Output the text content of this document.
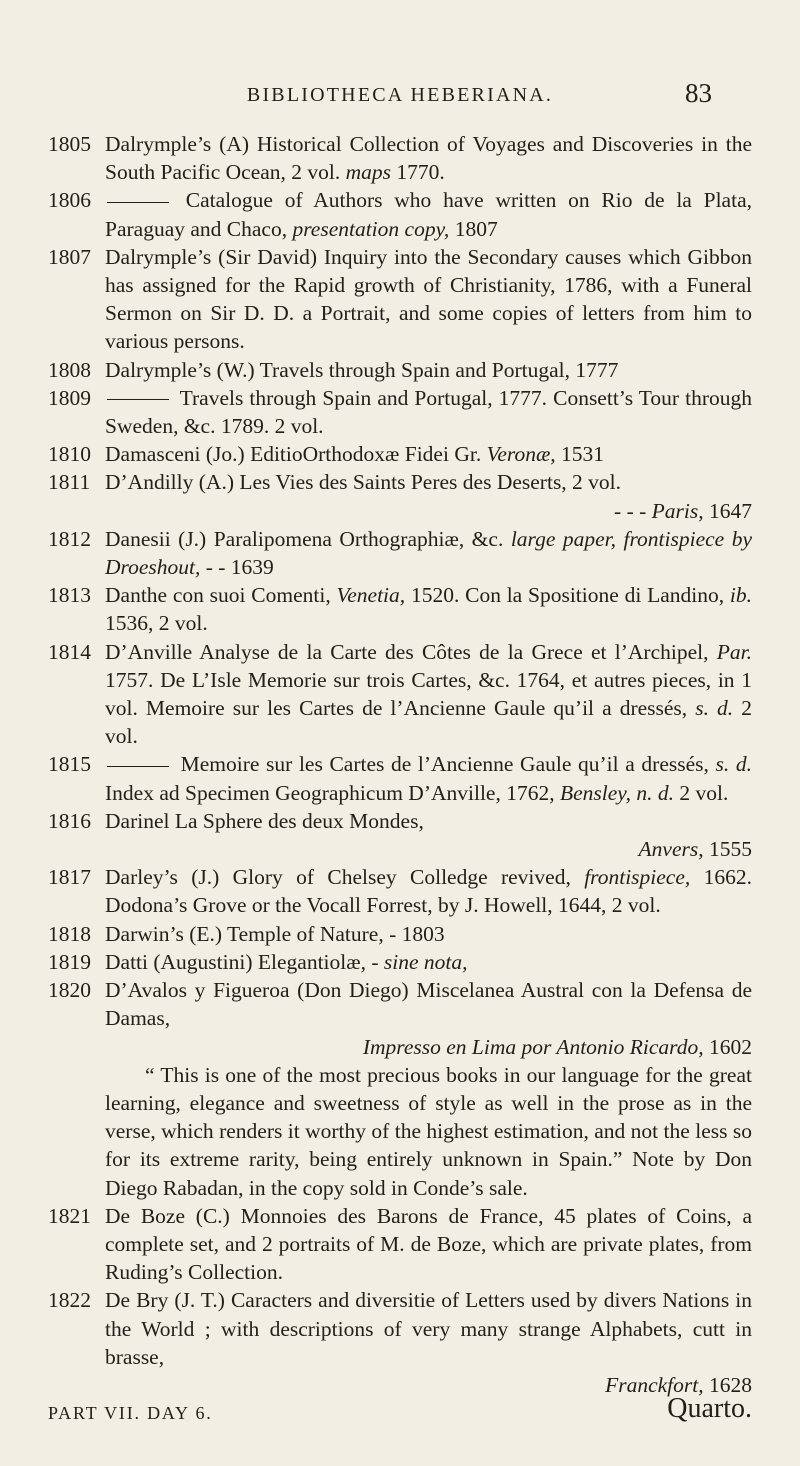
BIBLIOTHECA HEBERIANA.	83
1805 Dalrymple’s (A) Historical Collection of Voyages and Discoveries in the South Pacific Ocean, 2 vol. maps 1770.
1806	Catalogue of Authors who have written on Rio de la Plata, Paraguay and Chaco, presentation copy, 1807
1807 Dalrymple’s (Sir David) Inquiry into the Secondary causes which Gibbon has assigned for the Rapid growth of Christianity, 1786, with a Funeral Sermon on Sir D. D. a Portrait, and some copies of letters from him to various persons.
1808 Dalrymple’s (W.) Travels through Spain and Portugal, 1777
1809	Travels through Spain and Portugal, 1777. Consett’s Tour through Sweden, &c. 1789. 2 vol.
1810 Damasceni (Jo.) EditioOrthodoxæ Fidei Gr. Veronæ, 1531
1811 D’Andilly (A.) Les Vies des Saints Peres des Deserts, 2 vol.
- - - Paris, 1647
1812 Danesii (J.) Paralipomena Orthographiæ, &c. large paper, frontispiece by Droeshout, - - 1639
1813 Danthe con suoi Comenti, Venetia, 1520. Con la Spositione di Landino, ib. 1536, 2 vol.
1814 D’Anville Analyse de la Carte des Côtes de la Grece et l’Archipel, Par. 1757. De L’Isle Memorie sur trois Cartes, &c. 1764, et autres pieces, in 1 vol. Memoire sur les Cartes de l’Ancienne Gaule qu’il a dressés, s. d. 2 vol.
1815	Memoire sur les Cartes de l’Ancienne Gaule qu’il a dressés, s. d. Index ad Specimen Geographicum D’Anville, 1762, Bensley, n. d. 2 vol.
1816 Darinel La Sphere des deux Mondes,
Anvers, 1555
1817 Darley’s (J.) Glory of Chelsey Colledge revived, frontispiece, 1662. Dodona’s Grove or the Vocall Forrest, by J. Howell, 1644, 2 vol.
1818 Darwin’s (E.) Temple of Nature, - 1803
1819 Datti (Augustini) Elegantiolæ, - sine nota,
1820 D’Avalos y Figueroa (Don Diego) Miscelanea Austral con la Defensa de Damas,
Impresso en Lima por Antonio Ricardo, 1602
“ This is one of the most precious books in our language for the great learning, elegance and sweetness of style as well in the prose as in the verse, which renders it worthy of the highest estimation, and not the less so for its extreme rarity, being entirely unknown in Spain.” Note by Don Diego Rabadan, in the copy sold in Conde’s sale.
1821 De Boze (C.) Monnoies des Barons de France, 45 plates of Coins, a complete set, and 2 portraits of M. de Boze, which are private plates, from Ruding’s Collection.
1822 De Bry (J. T.) Caracters and diversitie of Letters used by divers Nations in the World ; with descriptions of very many strange Alphabets, cutt in brasse,
Franckfort, 1628
PART VII. DAY 6.	Quarto.
